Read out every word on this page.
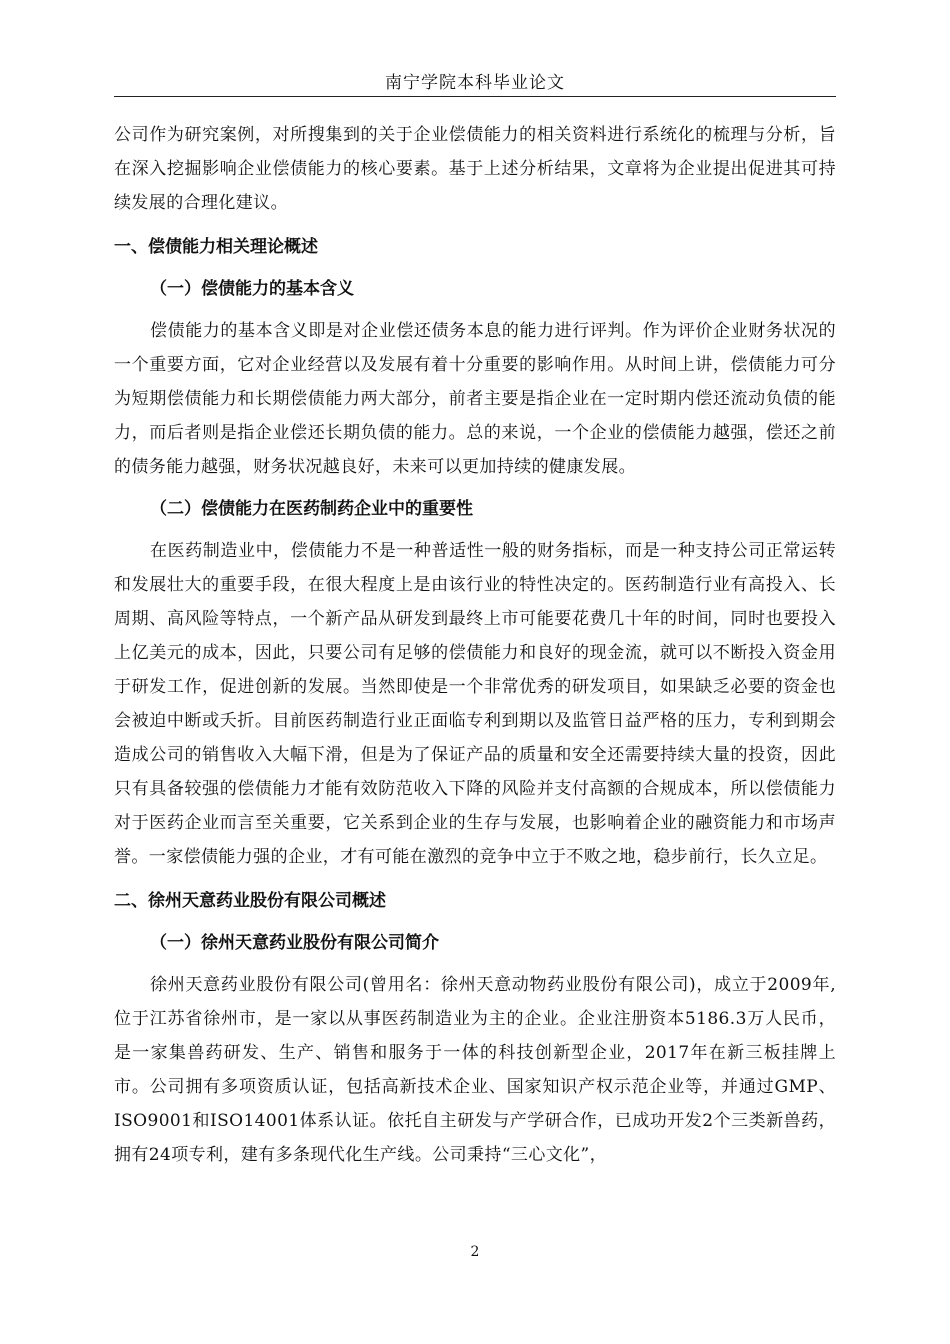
南宁学院本科毕业论文

公司作为研究案例，对所搜集到的关于企业偿债能力的相关资料进行系统化的梳理与分析，旨在深入挖掘影响企业偿债能力的核心要素。基于上述分析结果，文章将为企业提出促进其可持续发展的合理化建议。

一、偿债能力相关理论概述
（一）偿债能力的基本含义

偿债能力的基本含义即是对企业偿还债务本息的能力进行评判。作为评价企业财务状况的一个重要方面，它对企业经营以及发展有着十分重要的影响作用。从时间上讲，偿债能力可分为短期偿债能力和长期偿债能力两大部分，前者主要是指企业在一定时期内偿还流动负债的能力，而后者则是指企业偿还长期负债的能力。总的来说，一个企业的偿债能力越强，偿还之前的债务能力越强，财务状况越良好，未来可以更加持续的健康发展。

（二）偿债能力在医药制药企业中的重要性

在医药制造业中，偿债能力不是一种普适性一般的财务指标，而是一种支持公司正常运转和发展壮大的重要手段，在很大程度上是由该行业的特性决定的。医药制造行业有高投入、长周期、高风险等特点，一个新产品从研发到最终上市可能要花费几十年的时间，同时也要投入上亿美元的成本，因此，只要公司有足够的偿债能力和良好的现金流，就可以不断投入资金用于研发工作，促进创新的发展。当然即使是一个非常优秀的研发项目，如果缺乏必要的资金也会被迫中断或夭折。目前医药制造行业正面临专利到期以及监管日益严格的压力，专利到期会造成公司的销售收入大幅下滑，但是为了保证产品的质量和安全还需要持续大量的投资，因此只有具备较强的偿债能力才能有效防范收入下降的风险并支付高额的合规成本，所以偿债能力对于医药企业而言至关重要，它关系到企业的生存与发展，也影响着企业的融资能力和市场声誉。一家偿债能力强的企业，才有可能在激烈的竞争中立于不败之地，稳步前行，长久立足。

二、徐州天意药业股份有限公司概述
（一）徐州天意药业股份有限公司简介

徐州天意药业股份有限公司(曾用名：徐州天意动物药业股份有限公司)，成立于2009年,位于江苏省徐州市，是一家以从事医药制造业为主的企业。企业注册资本5186.3万人民币，是一家集兽药研发、生产、销售和服务于一体的科技创新型企业，2017年在新三板挂牌上市。公司拥有多项资质认证，包括高新技术企业、国家知识产权示范企业等，并通过GMP、ISO9001和ISO14001体系认证。依托自主研发与产学研合作，已成功开发2个三类新兽药，拥有24项专利，建有多条现代化生产线。公司秉持“三心文化”，

2
